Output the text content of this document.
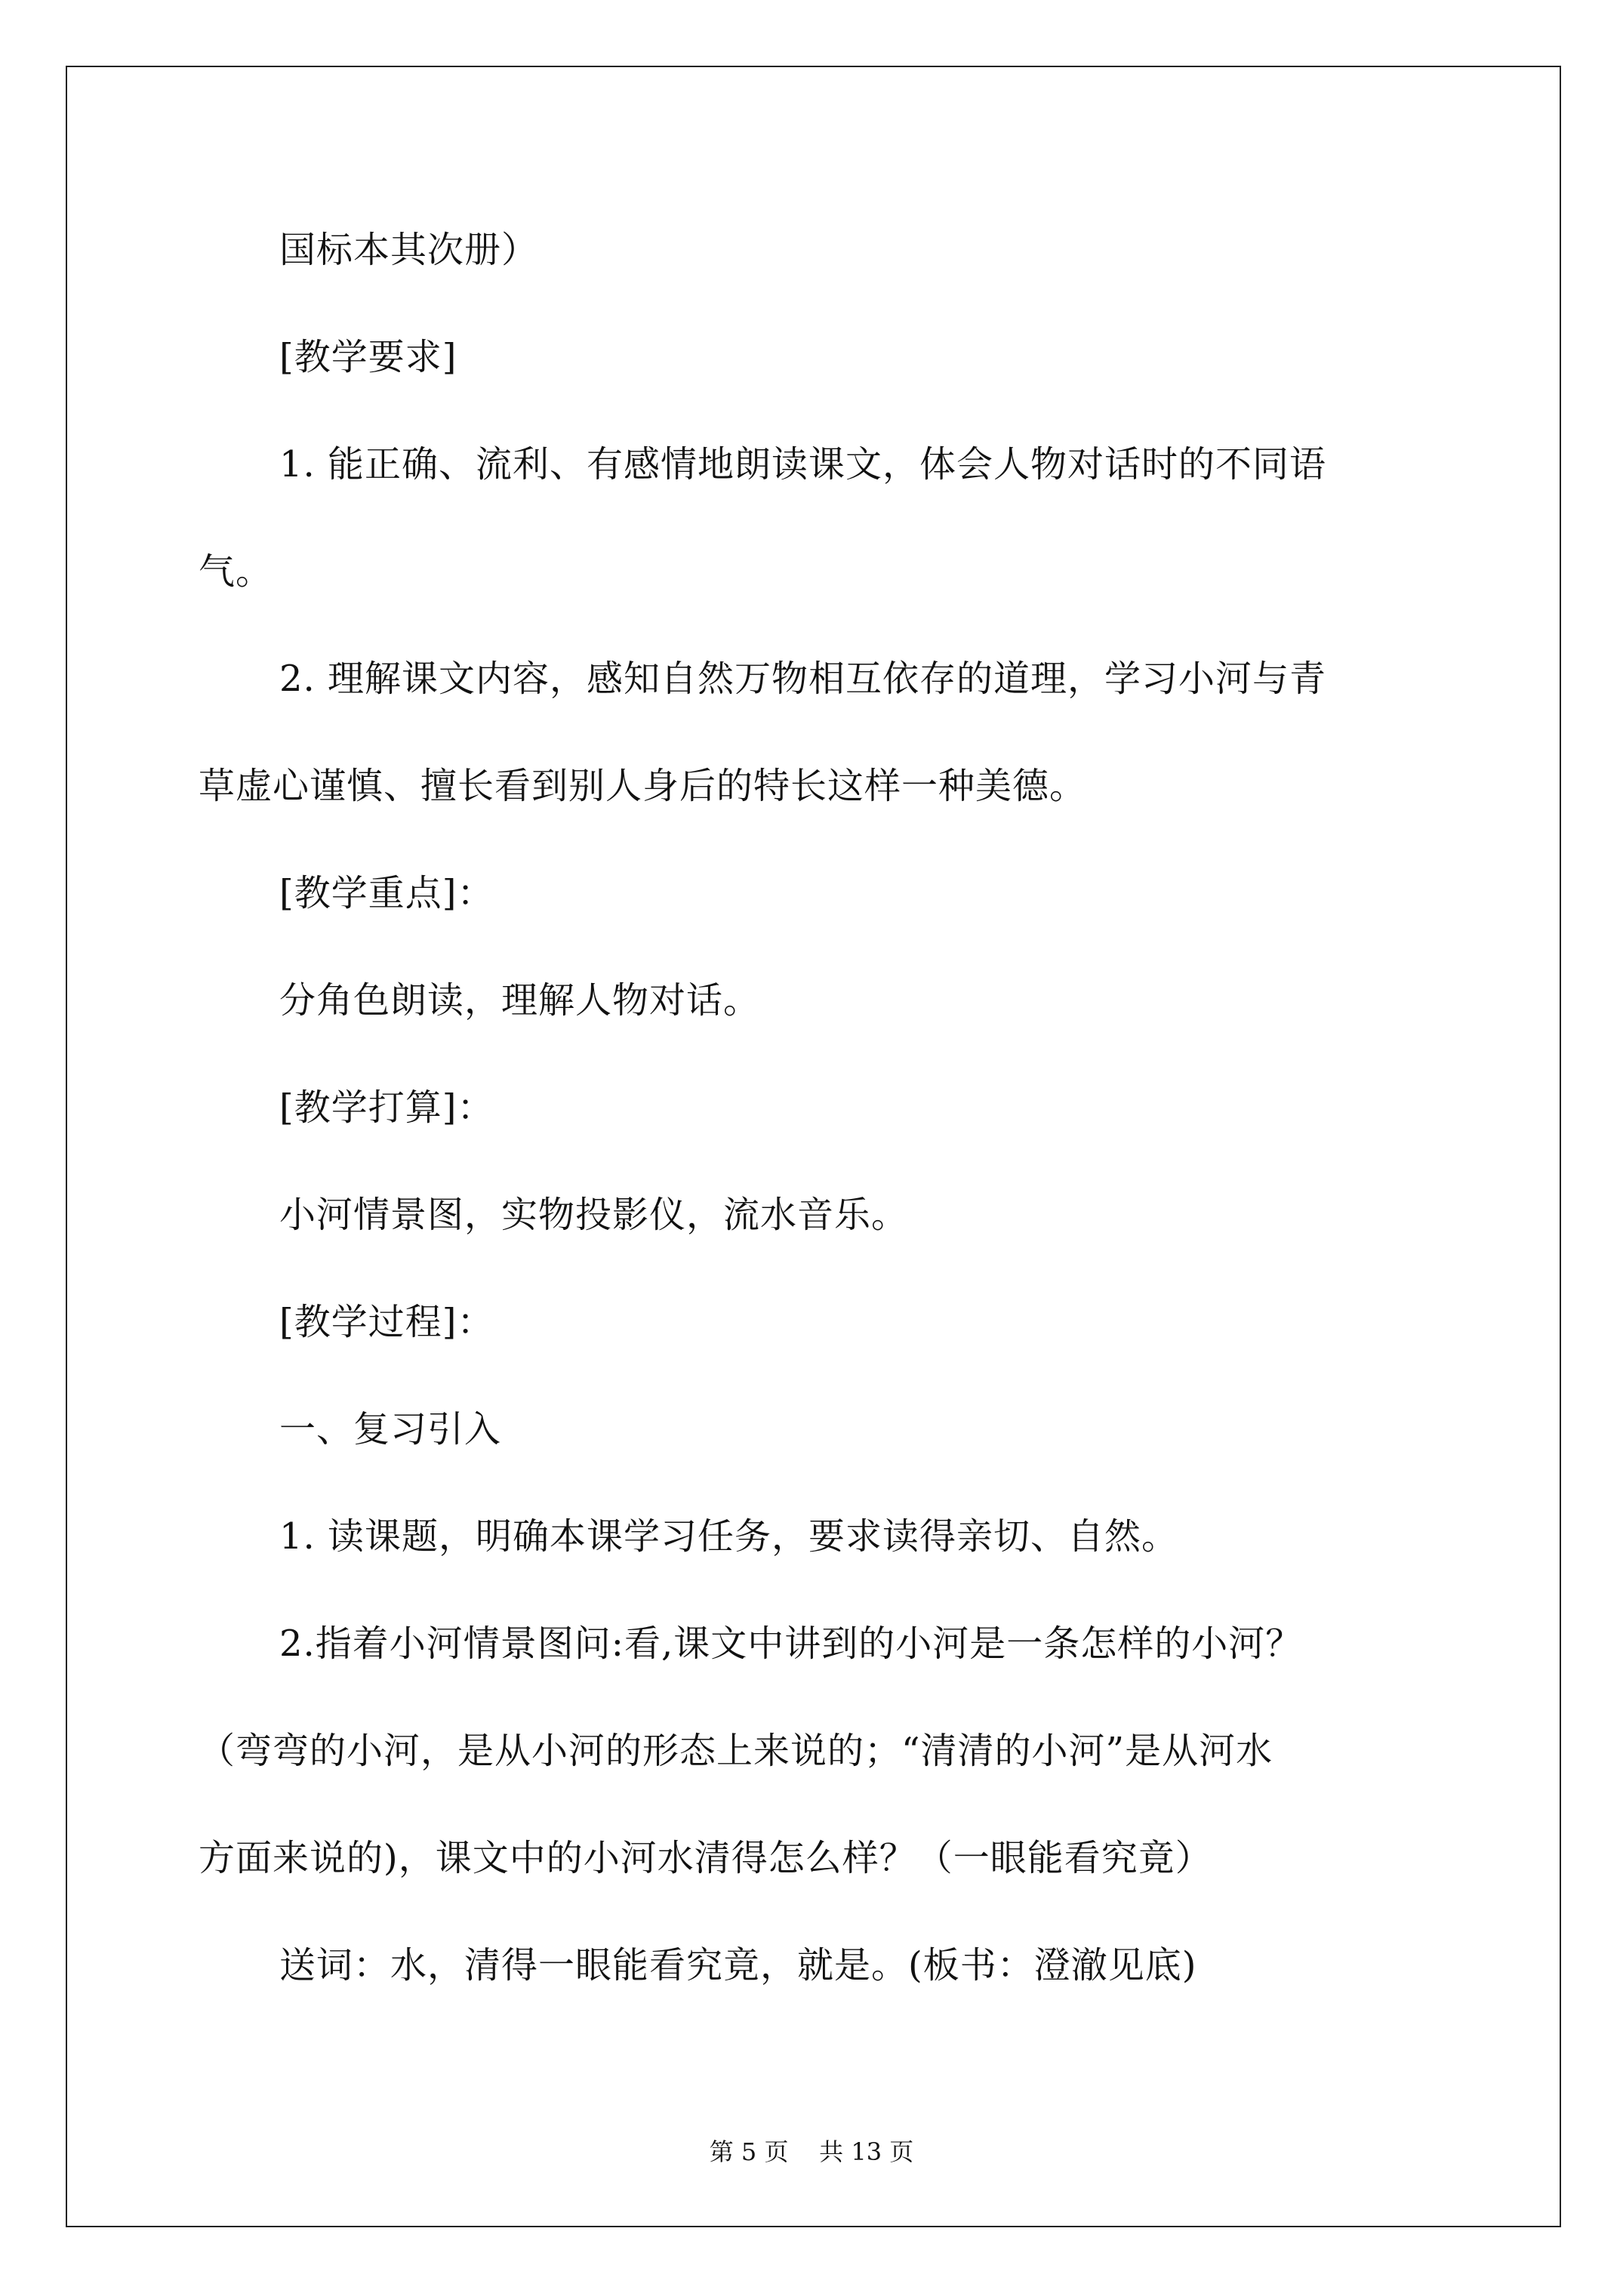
国标本其次册）

[教学要求]

1. 能正确、流利、有感情地朗读课文，体会人物对话时的不同语

气。

2. 理解课文内容，感知自然万物相互依存的道理，学习小河与青

草虚心谨慎、擅长看到别人身后的特长这样一种美德。

[教学重点]：

分角色朗读，理解人物对话。

[教学打算]：

小河情景图，实物投影仪，流水音乐。

[教学过程]：

一、复习引入

1. 读课题，明确本课学习任务，要求读得亲切、自然。

2.指着小河情景图问:看,课文中讲到的小河是一条怎样的小河？

（弯弯的小河，是从小河的形态上来说的；“清清的小河”是从河水

方面来说的)，课文中的小河水清得怎么样？（一眼能看究竟）

送词：水，清得一眼能看究竟，就是。(板书：澄澈见底)

第 5 页 共 13 页
